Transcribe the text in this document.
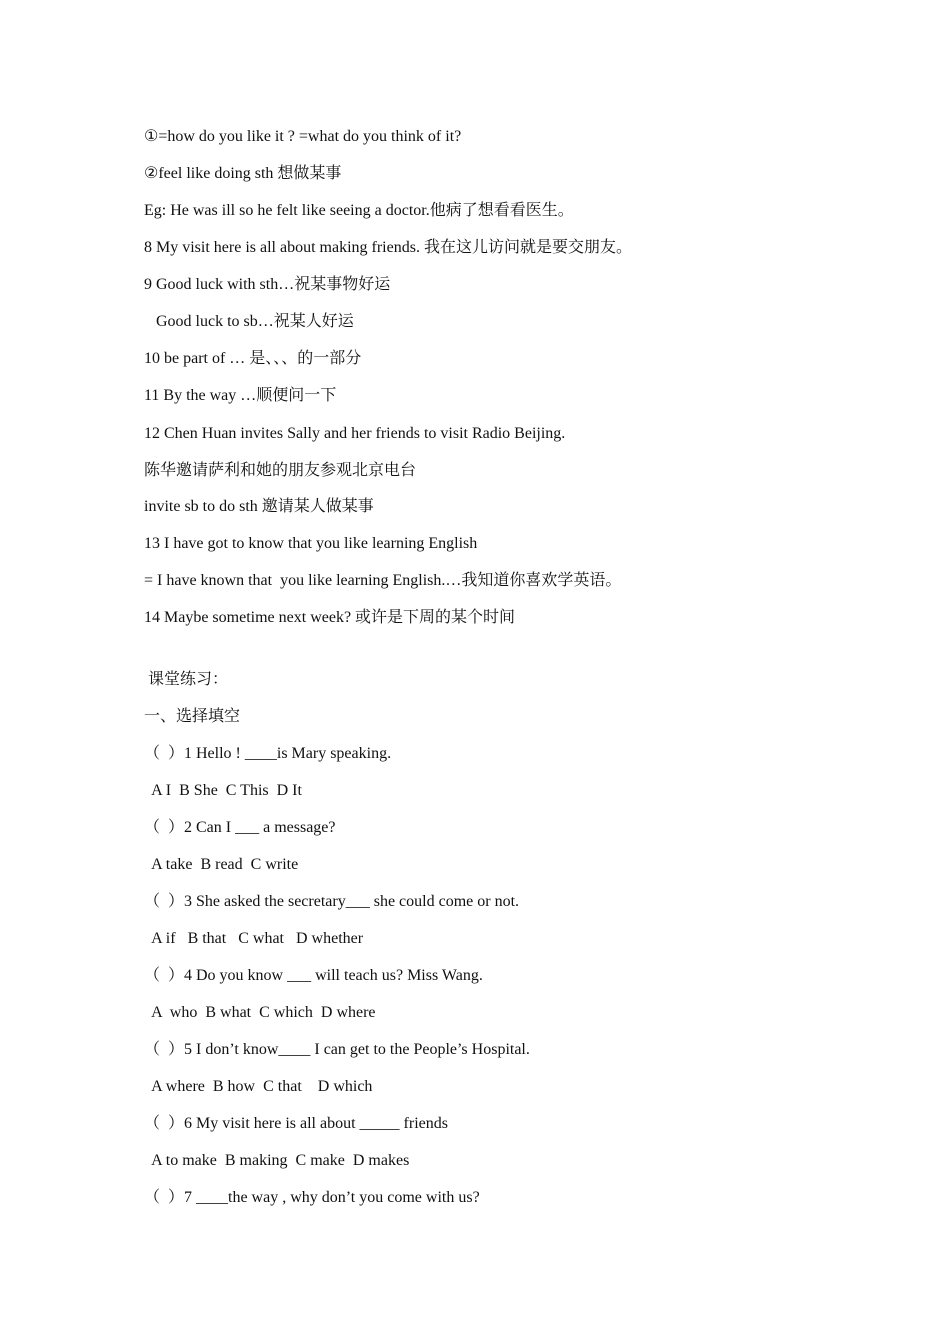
①=how do you like it ? =what do you think of it?

②feel like doing sth 想做某事

Eg: He was ill so he felt like seeing a doctor.他病了想看看医生。

8 My visit here is all about making friends. 我在这儿访问就是要交朋友。

9 Good luck with sth…祝某事物好运

Good luck to sb…祝某人好运

10 be part of … 是、、、的一部分

11 By the way …顺便问一下

12 Chen Huan invites Sally and her friends to visit Radio Beijing.

陈华邀请萨利和她的朋友参观北京电台

invite sb to do sth 邀请某人做某事

13 I have got to know that you like learning English

= I have known that  you like learning English.…我知道你喜欢学英语。

14 Maybe sometime next week? 或许是下周的某个时间

课堂练习：

一、选择填空

（  ）1 Hello ! ____is Mary speaking.

A I  B She  C This  D It

（  ）2 Can I ___ a message?

A take  B read  C write

（  ）3 She asked the secretary___ she could come or not.

A if   B that   C what   D whether

（  ）4 Do you know ___ will teach us? Miss Wang.

A  who  B what  C which  D where

（  ）5 I don’t know____ I can get to the People’s Hospital.

A where  B how  C that    D which

（  ）6 My visit here is all about _____ friends

A to make  B making  C make  D makes

（  ）7 ____the way , why don’t you come with us?
